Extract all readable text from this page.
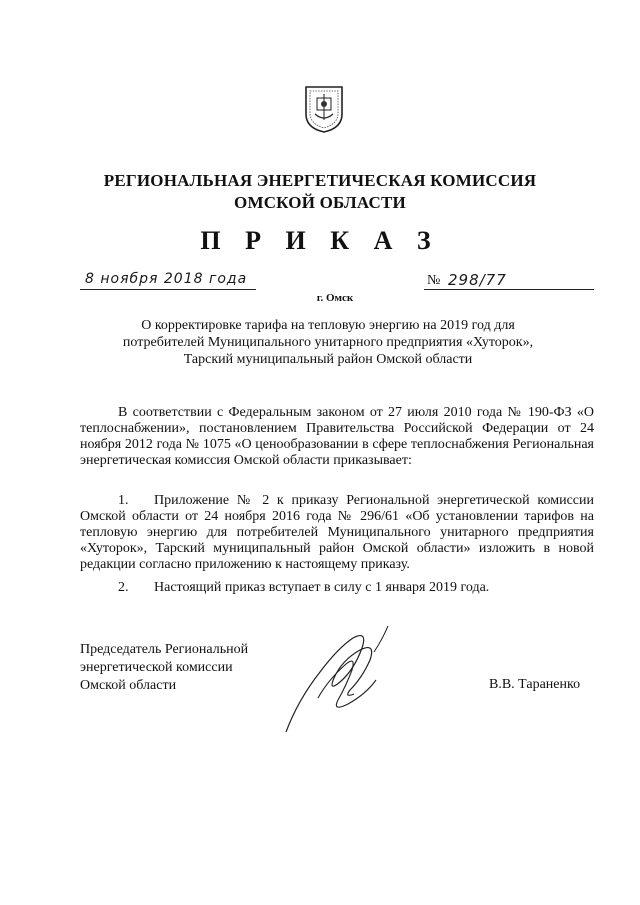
РЕГИОНАЛЬНАЯ ЭНЕРГЕТИЧЕСКАЯ КОМИССИЯ
ОМСКОЙ ОБЛАСТИ
П Р И К А З
8 ноября 2018 года	№ 298/77
г. Омск
О корректировке тарифа на тепловую энергию на 2019 год для
потребителей Муниципального унитарного предприятия «Хуторок»,
Тарский муниципальный район Омской области
В соответствии с Федеральным законом от 27 июля 2010 года № 190-ФЗ «О теплоснабжении», постановлением Правительства Российской Федерации от 24 ноября 2012 года № 1075 «О ценообразовании в сфере теплоснабжения Региональная энергетическая комиссия Омской области приказывает:
1. Приложение № 2 к приказу Региональной энергетической комиссии Омской области от 24 ноября 2016 года № 296/61 «Об установлении тарифов на тепловую энергию для потребителей Муниципального унитарного предприятия «Хуторок», Тарский муниципальный район Омской области» изложить в новой редакции согласно приложению к настоящему приказу.
2. Настоящий приказ вступает в силу с 1 января 2019 года.
Председатель Региональной
энергетической комиссии
Омской области	В.В. Тараненко
